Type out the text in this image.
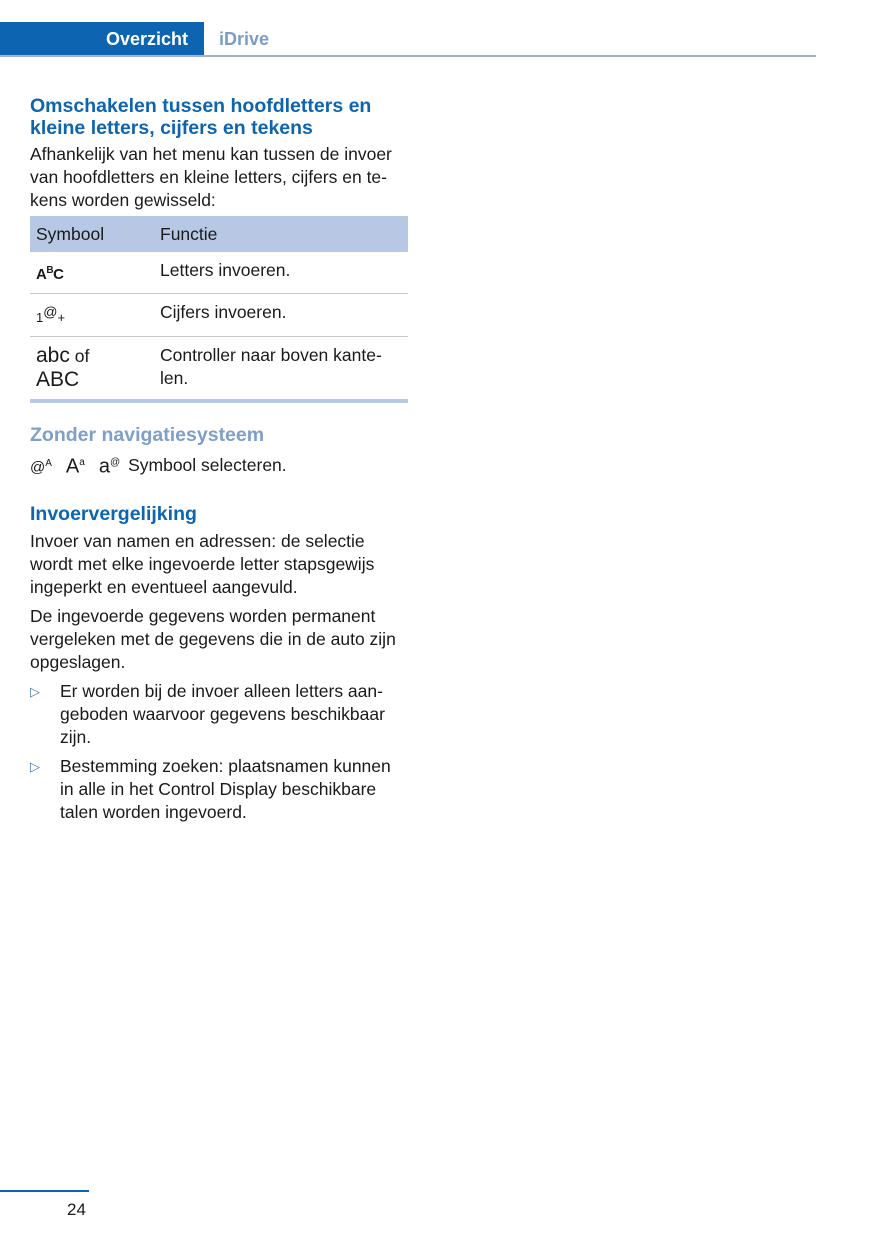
Overzicht	iDrive
Omschakelen tussen hoofdletters en
kleine letters, cijfers en tekens

Afhankelijk van het menu kan tussen de invoer
van hoofdletters en kleine letters, cijfers en te-
kens worden gewisseld:

Symbool	Functie
$A^BC$	Letters invoeren.
1@+	Cijfers invoeren.
abc of
ABC	Controller naar boven kante-
len.
Zonder navigatiesysteem
@$^A$ $A^a$ a@ Symbool selecteren.
Invoervergelijking

Invoer van namen en adressen: de selectie
wordt met elke ingevoerde letter stapsgewijs
ingeperkt en eventueel aangevuld.

De ingevoerde gegevens worden permanent
vergeleken met de gegevens die in de auto zijn
opgeslagen.

▷ Er worden bij de invoer alleen letters aan-
geboden waarvoor gegevens beschikbaar
zijn.
▷ Bestemming zoeken: plaatsnamen kunnen
in alle in het Control Display beschikbare
talen worden ingevoerd.
24
